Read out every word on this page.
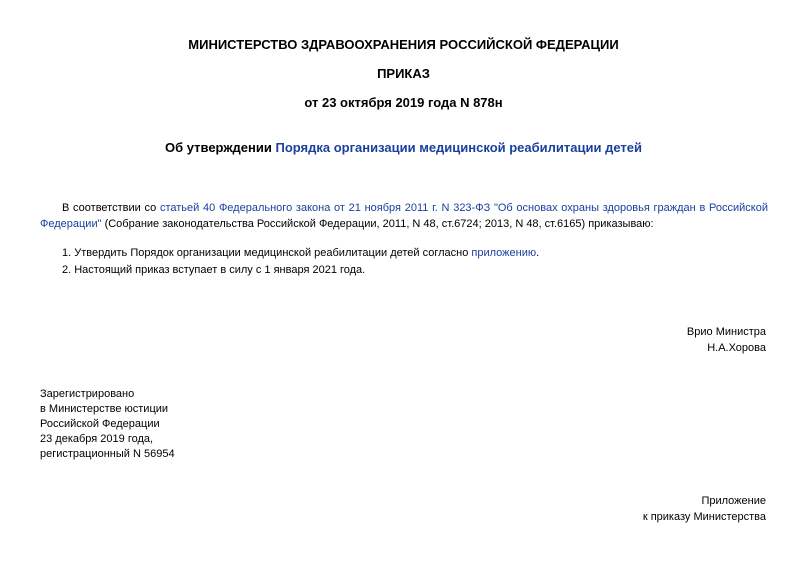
МИНИСТЕРСТВО ЗДРАВООХРАНЕНИЯ РОССИЙСКОЙ ФЕДЕРАЦИИ
ПРИКАЗ
от 23 октября 2019 года N 878н
Об утверждении Порядка организации медицинской реабилитации детей
В соответствии со статьей 40 Федерального закона от 21 ноября 2011 г. N 323-ФЗ "Об основах охраны здоровья граждан в Российской Федерации" (Собрание законодательства Российской Федерации, 2011, N 48, ст.6724; 2013, N 48, ст.6165) приказываю:
1. Утвердить Порядок организации медицинской реабилитации детей согласно приложению.
2. Настоящий приказ вступает в силу с 1 января 2021 года.
Врио Министра
Н.А.Хорова
Зарегистрировано
в Министерстве юстиции
Российской Федерации
23 декабря 2019 года,
регистрационный N 56954
Приложение
к приказу Министерства
